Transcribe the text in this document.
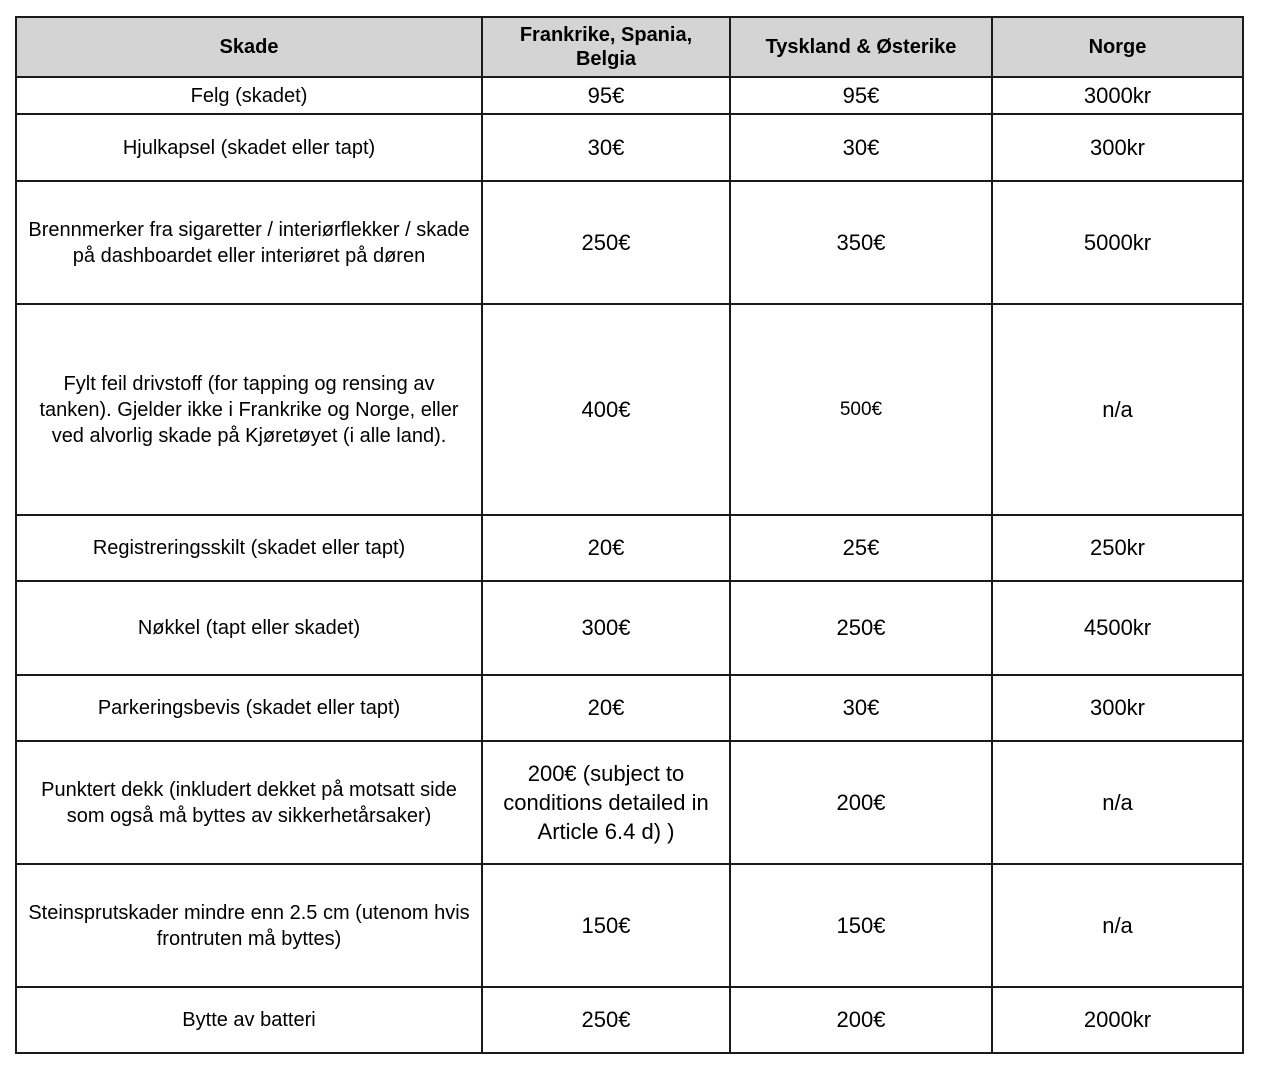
Skade	Frankrike, Spania, Belgia	Tyskland & Østerike	Norge
Felg (skadet)	95€	95€	3000kr
Hjulkapsel (skadet eller tapt)	30€	30€	300kr
Brennmerker fra sigaretter / interiørflekker / skade på dashboardet eller interiøret på døren	250€	350€	5000kr
Fylt feil drivstoff (for tapping og rensing av tanken). Gjelder ikke i Frankrike og Norge, eller ved alvorlig skade på Kjøretøyet (i alle land).	400€	500€	n/a
Registreringsskilt (skadet eller tapt)	20€	25€	250kr
Nøkkel (tapt eller skadet)	300€	250€	4500kr
Parkeringsbevis (skadet eller tapt)	20€	30€	300kr
Punktert dekk (inkludert dekket på motsatt side som også må byttes av sikkerhetårsaker)	200€ (subject to conditions detailed in Article 6.4 d) )	200€	n/a
Steinsprutskader mindre enn 2.5 cm (utenom hvis frontruten må byttes)	150€	150€	n/a
Bytte av batteri	250€	200€	2000kr
